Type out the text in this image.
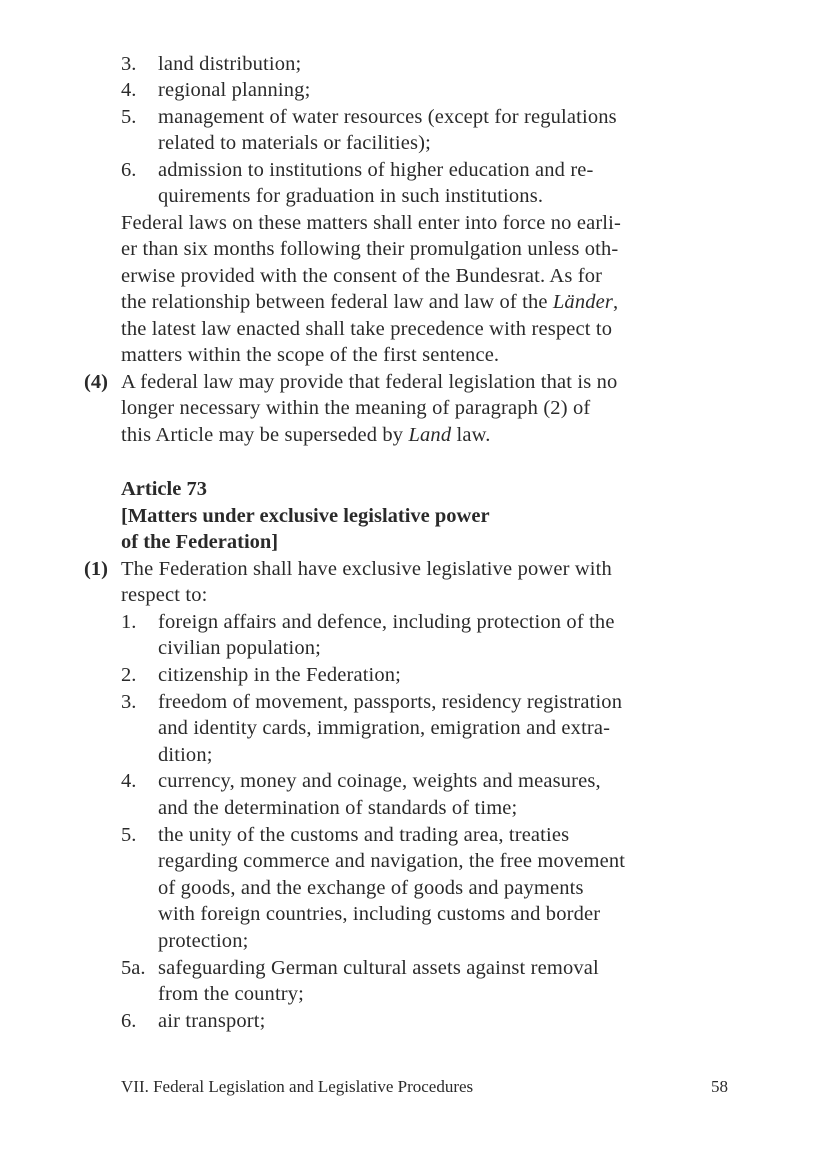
3. land distribution;
4. regional planning;
5. management of water resources (except for regulations
related to materials or facilities);
6. admission to institutions of higher education and re-
quirements for graduation in such institutions.
Federal laws on these matters shall enter into force no earli-
er than six months following their promulgation unless oth-
erwise provided with the consent of the Bundesrat. As for
the relationship between federal law and law of the Länder,
the latest law enacted shall take precedence with respect to
matters within the scope of the first sentence.
(4) A federal law may provide that federal legislation that is no
longer necessary within the meaning of paragraph (2) of
this Article may be superseded by Land law.
Article 73
[Matters under exclusive legislative power
of the Federation]
(1) The Federation shall have exclusive legislative power with
respect to:
1. foreign affairs and defence, including protection of the
civilian population;
2. citizenship in the Federation;
3. freedom of movement, passports, residency registration
and identity cards, immigration, emigration and extra-
dition;
4. currency, money and coinage, weights and measures,
and the determination of standards of time;
5. the unity of the customs and trading area, treaties
regarding commerce and navigation, the free movement
of goods, and the exchange of goods and payments
with foreign countries, including customs and border
protection;
5a. safeguarding German cultural assets against removal
from the country;
6. air transport;
VII. Federal Legislation and Legislative Procedures	58
